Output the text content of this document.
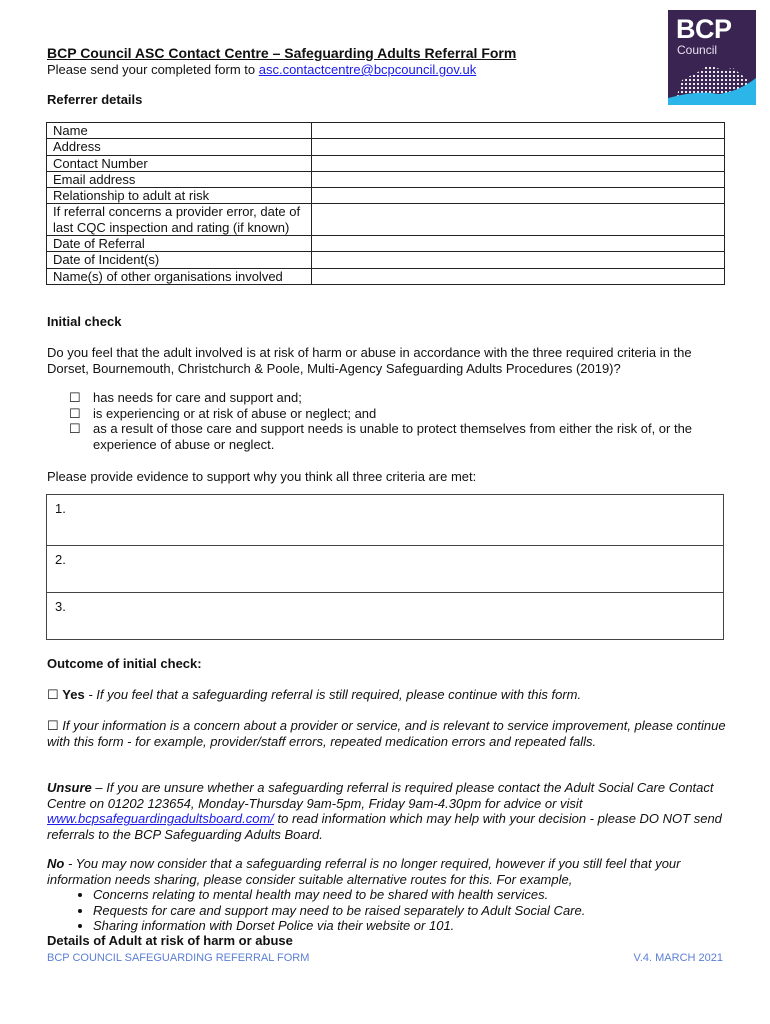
BCP Council ASC Contact Centre – Safeguarding Adults Referral Form
Please send your completed form to asc.contactcentre@bcpcouncil.gov.uk
BCP
Council
Referrer details
Name	
Address	
Contact Number	
Email address	
Relationship to adult at risk	
If referral concerns a provider error, date of last CQC inspection and rating (if known)	
Date of Referral	
Date of Incident(s)	
Name(s) of other organisations involved	
Initial check
Do you feel that the adult involved is at risk of harm or abuse in accordance with the three required criteria in the Dorset, Bournemouth, Christchurch & Poole, Multi-Agency Safeguarding Adults Procedures (2019)?
☐ has needs for care and support and;
☐ is experiencing or at risk of abuse or neglect; and
☐ as a result of those care and support needs is unable to protect themselves from either the risk of, or the experience of abuse or neglect.
Please provide evidence to support why you think all three criteria are met:
1.
2.
3.
Outcome of initial check:
☐ Yes - If you feel that a safeguarding referral is still required, please continue with this form.
☐ If your information is a concern about a provider or service, and is relevant to service improvement, please continue with this form - for example, provider/staff errors, repeated medication errors and repeated falls.
Unsure – If you are unsure whether a safeguarding referral is required please contact the Adult Social Care Contact Centre on 01202 123654, Monday-Thursday 9am-5pm, Friday 9am-4.30pm for advice or visit www.bcpsafeguardingadultsboard.com/ to read information which may help with your decision - please DO NOT send referrals to the BCP Safeguarding Adults Board.
No - You may now consider that a safeguarding referral is no longer required, however if you still feel that your information needs sharing, please consider suitable alternative routes for this. For example,
• Concerns relating to mental health may need to be shared with health services.
• Requests for care and support may need to be raised separately to Adult Social Care.
• Sharing information with Dorset Police via their website or 101.
Details of Adult at risk of harm or abuse
BCP COUNCIL SAFEGUARDING REFERRAL FORM	V.4. MARCH 2021
